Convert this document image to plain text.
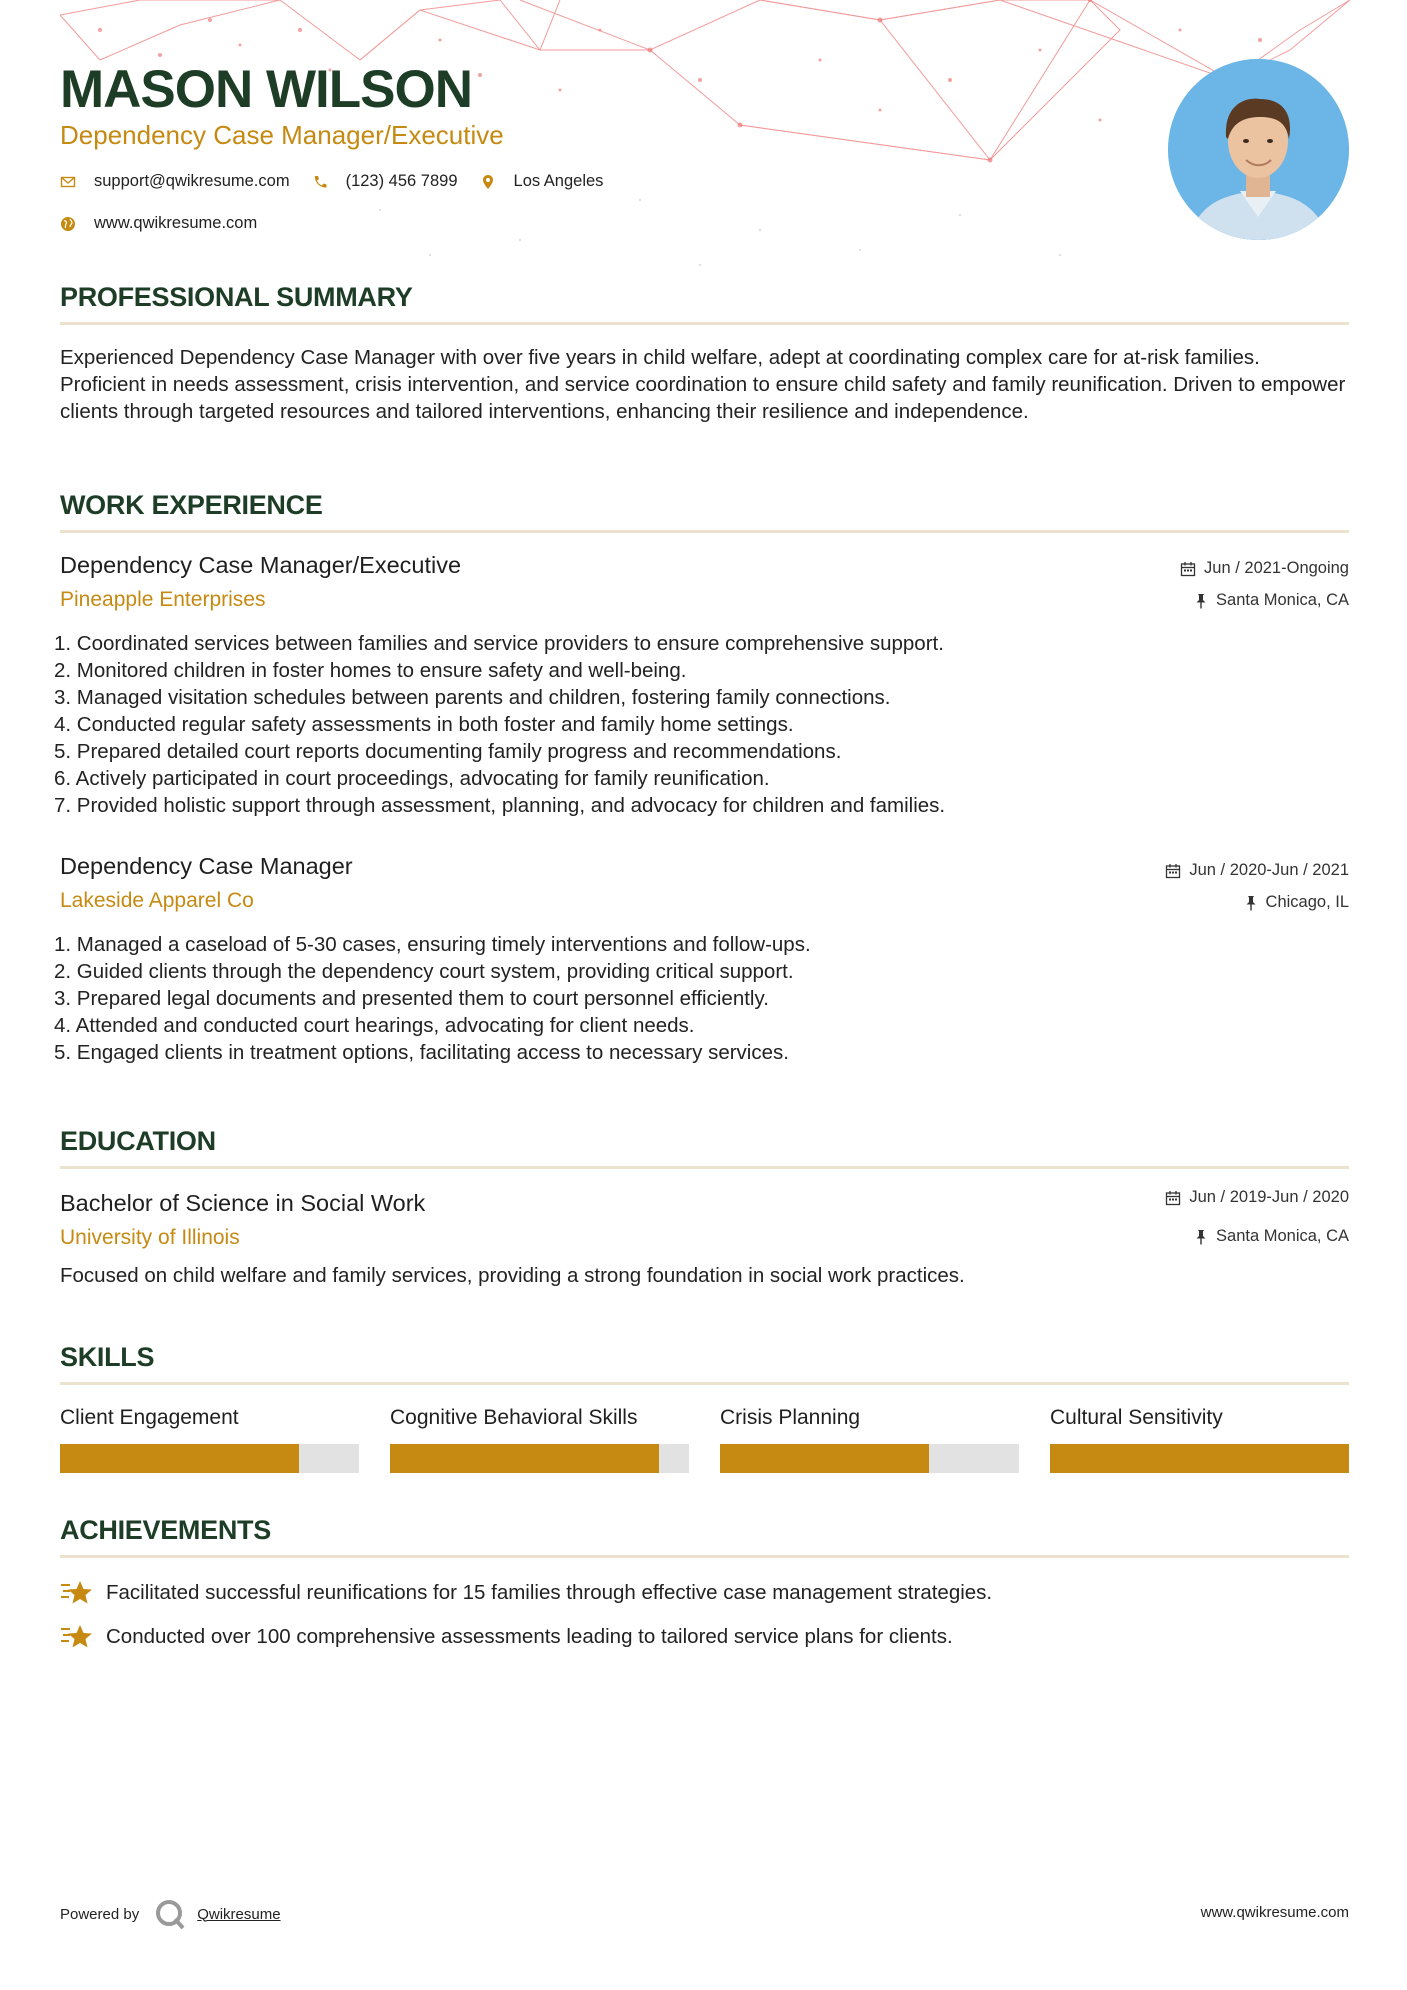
MASON WILSON
Dependency Case Manager/Executive
support@qwikresume.com	(123) 456 7899	Los Angeles
www.qwikresume.com
PROFESSIONAL SUMMARY

Experienced Dependency Case Manager with over five years in child welfare, adept at coordinating complex care for at-risk families. Proficient in needs assessment, crisis intervention, and service coordination to ensure child safety and family reunification. Driven to empower clients through targeted resources and tailored interventions, enhancing their resilience and independence.

WORK EXPERIENCE
Dependency Case Manager/Executive
Pineapple Enterprises
Jun / 2021-Ongoing
Santa Monica, CA
1. Coordinated services between families and service providers to ensure comprehensive support.
2. Monitored children in foster homes to ensure safety and well-being.
3. Managed visitation schedules between parents and children, fostering family connections.
4. Conducted regular safety assessments in both foster and family home settings.
5. Prepared detailed court reports documenting family progress and recommendations.
6. Actively participated in court proceedings, advocating for family reunification.
7. Provided holistic support through assessment, planning, and advocacy for children and families.
Dependency Case Manager
Lakeside Apparel Co
Jun / 2020-Jun / 2021
Chicago, IL
1. Managed a caseload of 5-30 cases, ensuring timely interventions and follow-ups.
2. Guided clients through the dependency court system, providing critical support.
3. Prepared legal documents and presented them to court personnel efficiently.
4. Attended and conducted court hearings, advocating for client needs.
5. Engaged clients in treatment options, facilitating access to necessary services.
EDUCATION
Bachelor of Science in Social Work
University of Illinois
Jun / 2019-Jun / 2020
Santa Monica, CA

Focused on child welfare and family services, providing a strong foundation in social work practices.

SKILLS
Client Engagement	Cognitive Behavioral Skills	Crisis Planning	Cultural Sensitivity
ACHIEVEMENTS
Facilitated successful reunifications for 15 families through effective case management strategies.
Conducted over 100 comprehensive assessments leading to tailored service plans for clients.
Powered by	Qwikresume	www.qwikresume.com
